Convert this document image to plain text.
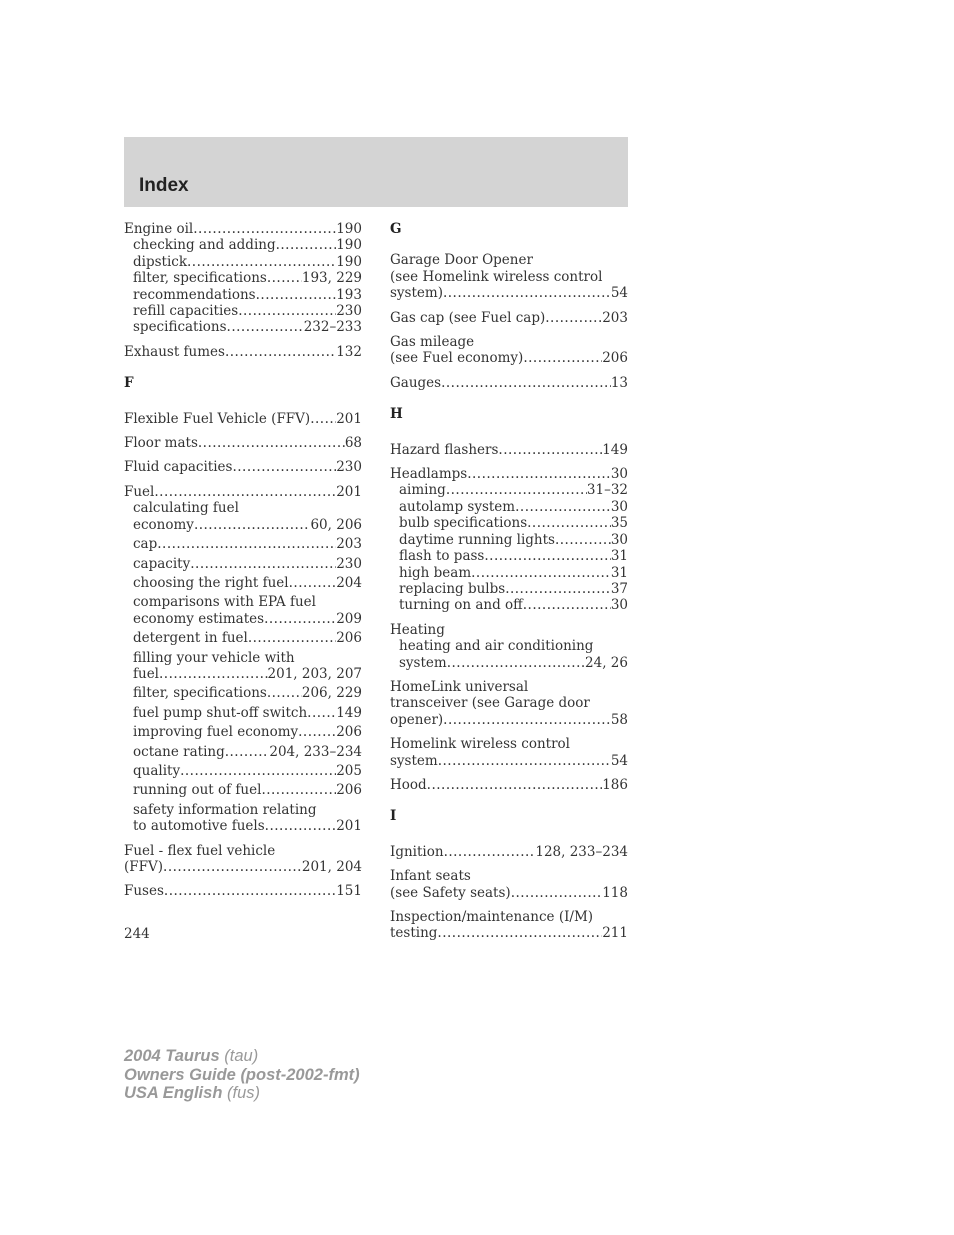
Index
Engine oil .....	190
checking and adding .....	190
dipstick .....	190
filter, specifications .....	193, 229
recommendations .....	193
refill capacities .....	230
specifications .....	232–233
Exhaust fumes .....	132
F
Flexible Fuel Vehicle (FFV) ..... 201
Floor mats .....	68
Fluid capacities .....	230
Fuel .....	201
calculating fuel
economy .....	60, 206
cap .....	203
capacity .....	230
choosing the right fuel .....	204
comparisons with EPA fuel
economy estimates .....	209
detergent in fuel .....	206
filling your vehicle with
fuel .....	201, 203, 207
filter, specifications .....	206, 229
fuel pump shut-off switch ..... 149
improving fuel economy .....	206
octane rating .....	204, 233–234
quality .....	205
running out of fuel .....	206
safety information relating
to automotive fuels .....	201
Fuel - flex fuel vehicle
(FFV) .....	201, 204
Fuses .....	151
G
Garage Door Opener
(see Homelink wireless control
system) .....	54
Gas cap (see Fuel cap) .....	203
Gas mileage
(see Fuel economy) .....	206
Gauges .....	13
H
Hazard flashers .....	149
Headlamps .....	30
aiming .....	31–32
autolamp system .....	30
bulb specifications .....	35
daytime running lights .....	30
flash to pass .....	31
high beam .....	31
replacing bulbs .....	37
turning on and off .....	30
Heating
heating and air conditioning
system .....	24, 26
HomeLink universal
transceiver (see Garage door
opener) .....	58
Homelink wireless control
system .....	54
Hood .....	186
I
Ignition .....	128, 233–234
Infant seats
(see Safety seats) .....	118
Inspection/maintenance (I/M)
testing .....	211
244
2004 Taurus (tau)
Owners Guide (post-2002-fmt)
USA English (fus)
